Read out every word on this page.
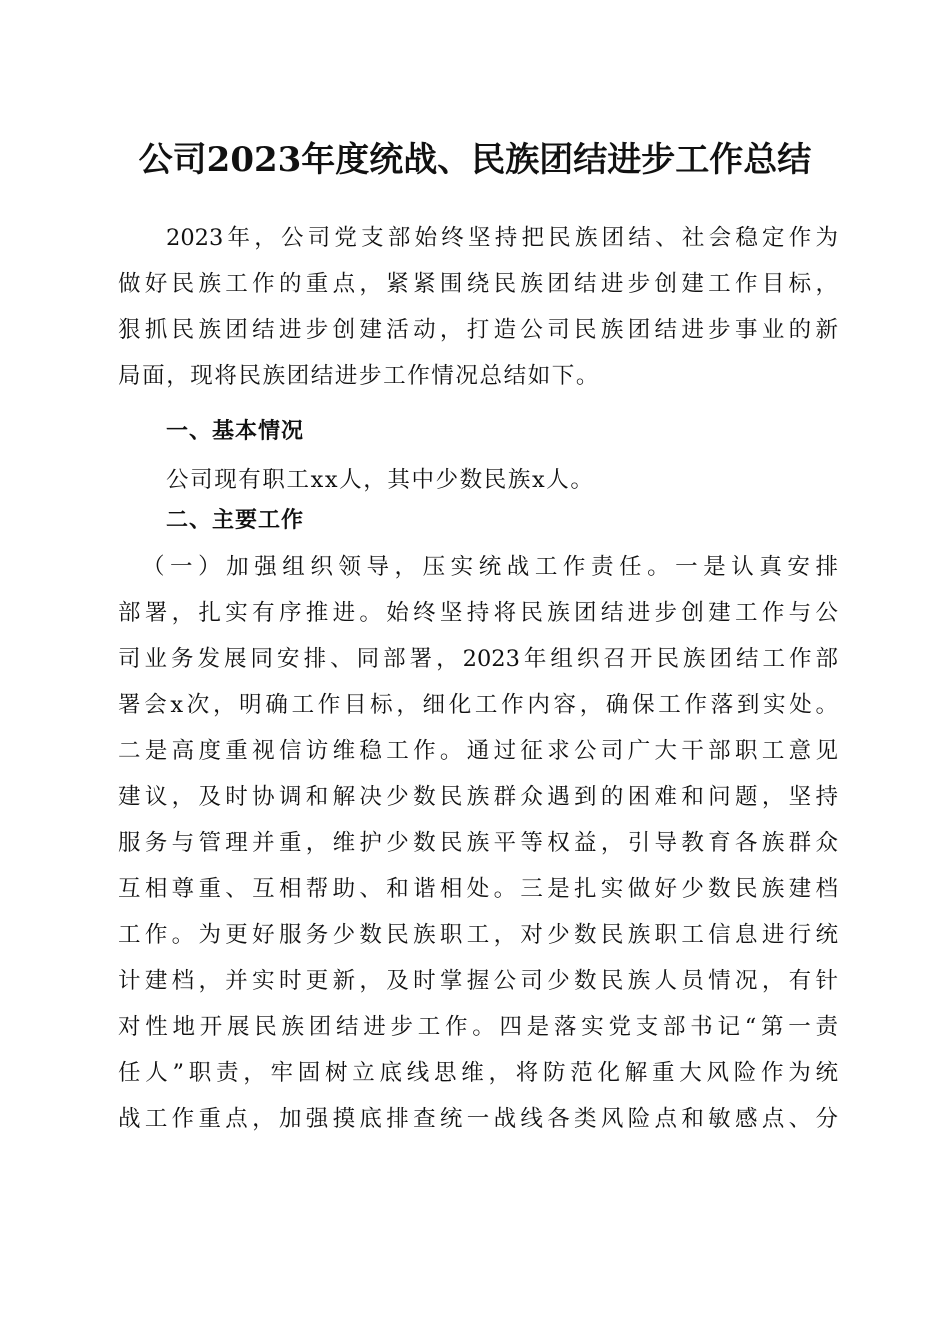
公司2023年度统战、民族团结进步工作总结
2023年，公司党支部始终坚持把民族团结、社会稳定作为
做好民族工作的重点，紧紧围绕民族团结进步创建工作目标，
狠抓民族团结进步创建活动，打造公司民族团结进步事业的新
局面，现将民族团结进步工作情况总结如下。
一、基本情况
公司现有职工xx人，其中少数民族x人。
二、主要工作
（一）加强组织领导，压实统战工作责任。一是认真安排
部署，扎实有序推进。始终坚持将民族团结进步创建工作与公
司业务发展同安排、同部署，2023年组织召开民族团结工作部
署会x次，明确工作目标，细化工作内容，确保工作落到实处。
二是高度重视信访维稳工作。通过征求公司广大干部职工意见
建议，及时协调和解决少数民族群众遇到的困难和问题，坚持
服务与管理并重，维护少数民族平等权益，引导教育各族群众
互相尊重、互相帮助、和谐相处。三是扎实做好少数民族建档
工作。为更好服务少数民族职工，对少数民族职工信息进行统
计建档，并实时更新，及时掌握公司少数民族人员情况，有针
对性地开展民族团结进步工作。四是落实党支部书记“第一责
任人”职责，牢固树立底线思维，将防范化解重大风险作为统
战工作重点，加强摸底排查统一战线各类风险点和敏感点、分
